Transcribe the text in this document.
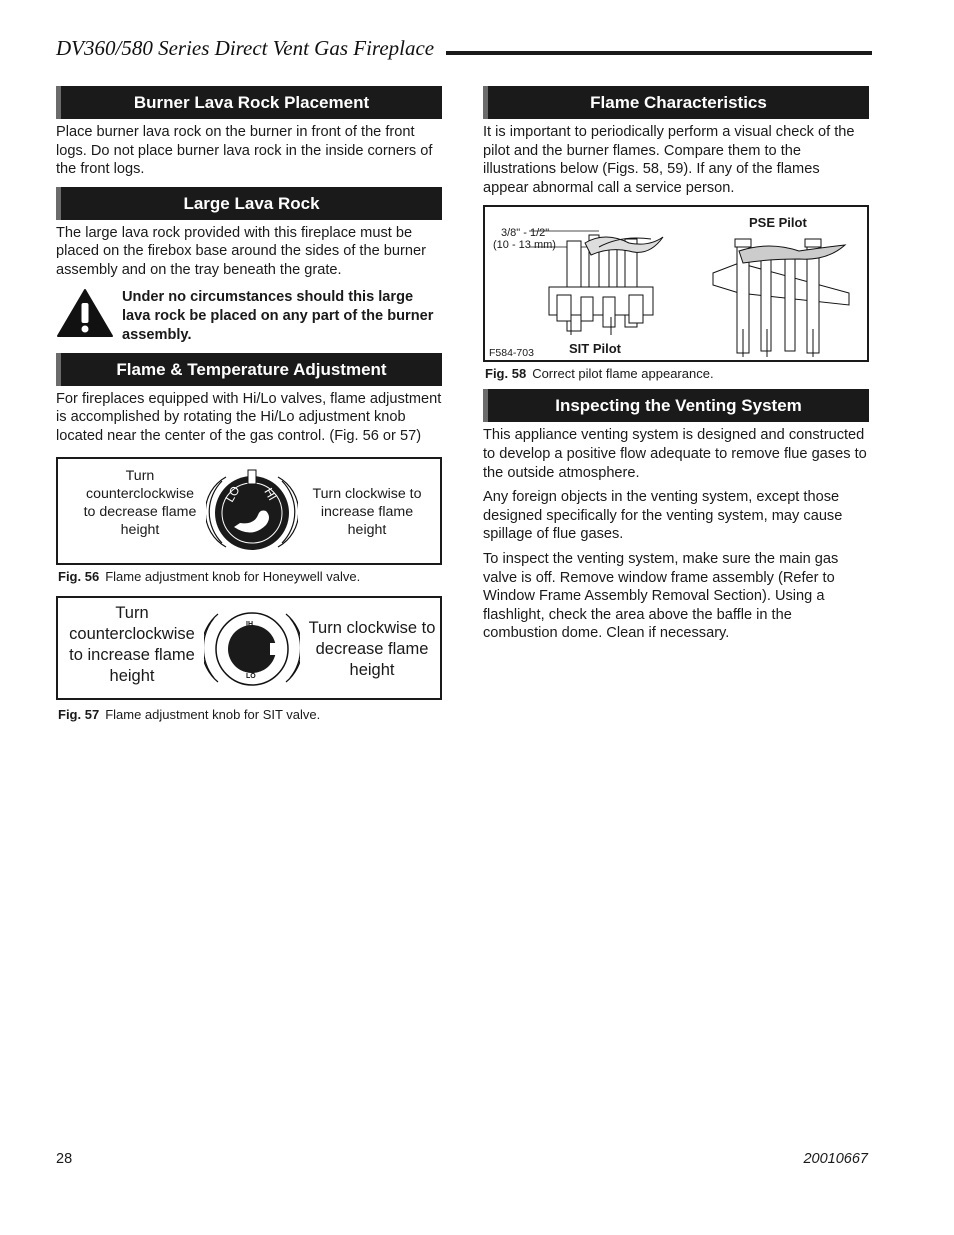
DV360/580 Series Direct Vent Gas Fireplace
Burner Lava Rock Placement

Place burner lava rock on the burner in front of the front logs. Do not place burner lava rock in the inside corners of the front logs.

Large Lava Rock

The large lava rock provided with this fireplace must be placed on the firebox base around the sides of the burner assembly and on the tray beneath the grate.

Under no circumstances should this large lava rock be placed on any part of the burner assembly.
Flame & Temperature Adjustment

For fireplaces equipped with Hi/Lo valves, flame adjustment is accomplished by rotating the Hi/Lo adjustment knob located near the center of the gas control. (Fig. 56 or 57)

Turn counterclockwise to decrease flame height
LO HI	Turn clockwise to increase flame height
Fig. 56 Flame adjustment knob for Honeywell valve.
Turn counterclockwise to increase flame height
IH
LO
Turn clockwise to decrease flame height
Fig. 57 Flame adjustment knob for SIT valve.
Flame Characteristics

It is important to periodically perform a visual check of the pilot and the burner flames. Compare them to the illustrations below (Figs. 58, 59). If any of the flames appear abnormal call a service person.

3/8" - 1/2"
(10 - 13 mm)
F584-703	SIT Pilot
PSE Pilot
Fig. 58 Correct pilot flame appearance.
Inspecting the Venting System

This appliance venting system is designed and constructed to develop a positive flow adequate to remove flue gases to the outside atmosphere.

Any foreign objects in the venting system, except those designed specifically for the venting system, may cause spillage of flue gases.

To inspect the venting system, make sure the main gas valve is off. Remove window frame assembly (Refer to Window Frame Assembly Removal Section). Using a flashlight, check the area above the baffle in the combustion dome. Clean if necessary.

28	20010667
